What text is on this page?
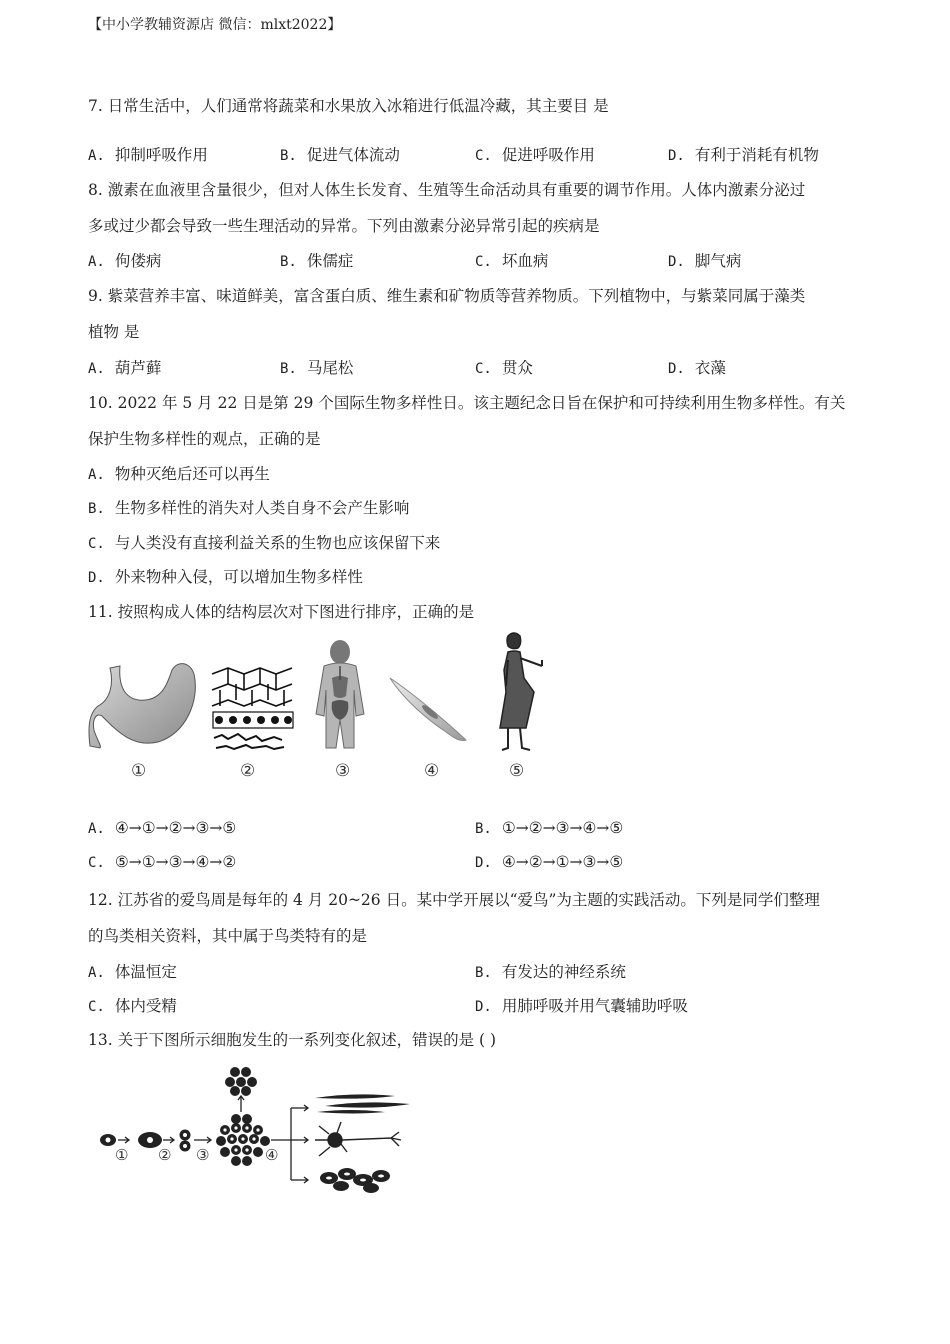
【中小学教辅资源店 微信：mlxt2022】
7. 日常生活中，人们通常将蔬菜和水果放入冰箱进行低温冷藏，其主要目 是
A. 抑制呼吸作用	B. 促进气体流动	C. 促进呼吸作用	D. 有利于消耗有机物
8. 激素在血液里含量很少，但对人体生长发育、生殖等生命活动具有重要的调节作用。人体内激素分泌过
多或过少都会导致一些生理活动的异常。下列由激素分泌异常引起的疾病是
A. 佝偻病	B. 侏儒症	C. 坏血病	D. 脚气病
9. 紫菜营养丰富、味道鲜美，富含蛋白质、维生素和矿物质等营养物质。下列植物中，与紫菜同属于藻类
植物 是
A. 葫芦藓	B. 马尾松	C. 贯众	D. 衣藻
10. 2022 年 5 月 22 日是第 29 个国际生物多样性日。该主题纪念日旨在保护和可持续利用生物多样性。有关
保护生物多样性的观点，正确的是
A. 物种灭绝后还可以再生
B. 生物多样性的消失对人类自身不会产生影响
C. 与人类没有直接利益关系的生物也应该保留下来
D. 外来物种入侵，可以增加生物多样性
11. 按照构成人体的结构层次对下图进行排序，正确的是
①	②	③	④	⑤
A. ④→①→②→③→⑤	B. ①→②→③→④→⑤
C. ⑤→①→③→④→②	D. ④→②→①→③→⑤
12. 江苏省的爱鸟周是每年的 4 月 20~26 日。某中学开展以“爱鸟”为主题的实践活动。下列是同学们整理
的鸟类相关资料，其中属于鸟类特有的是
A. 体温恒定	B. 有发达的神经系统
C. 体内受精	D. 用肺呼吸并用气囊辅助呼吸
13. 关于下图所示细胞发生的一系列变化叙述，错误的是 ( )
① ② ③	④
